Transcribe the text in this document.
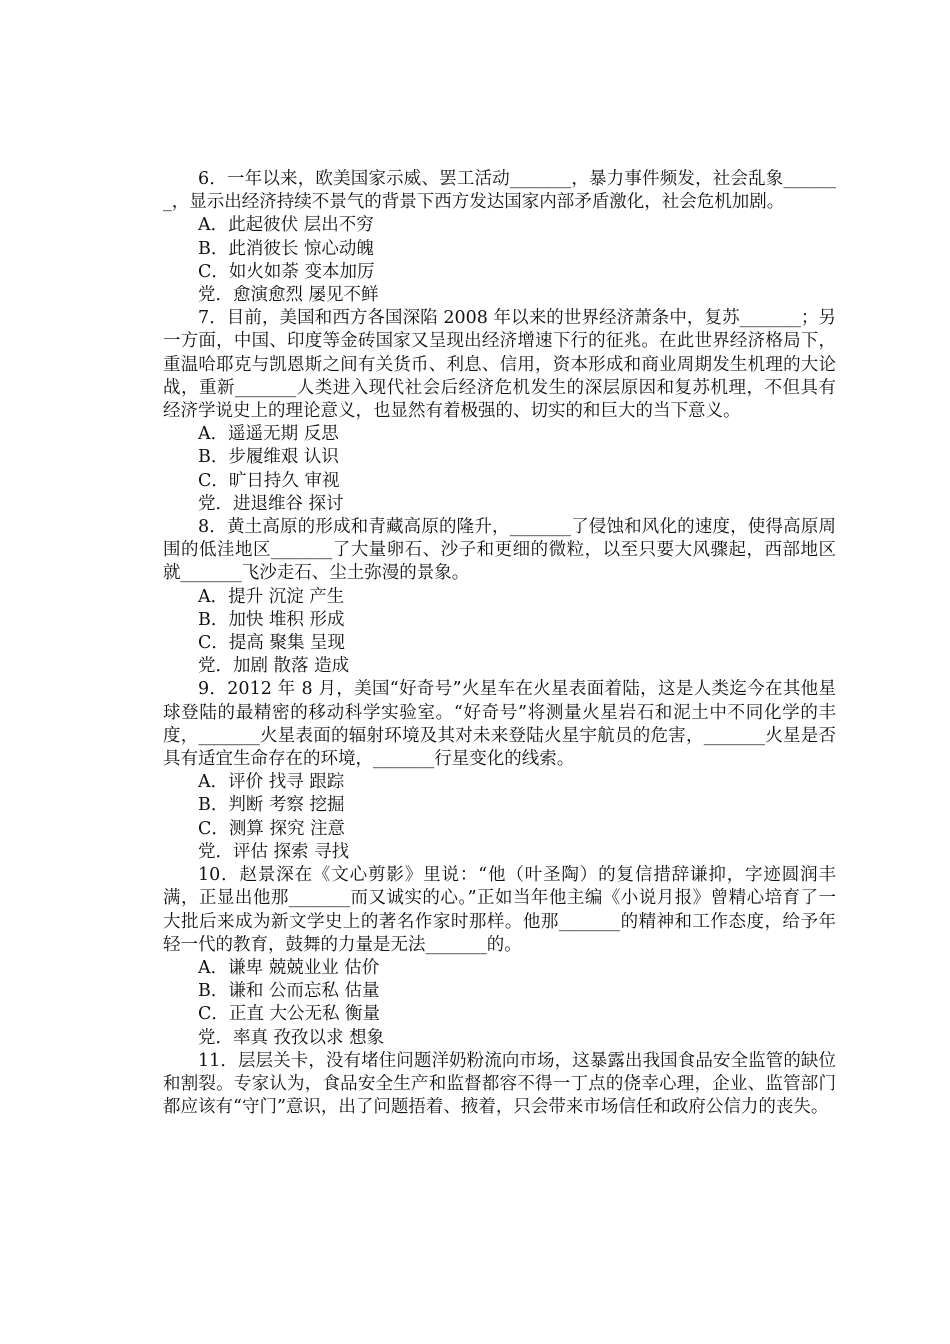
6．一年以来，欧美国家示威、罢工活动_______，暴力事件频发，社会乱象_______，显示出经济持续不景气的背景下西方发达国家内部矛盾激化，社会危机加剧。

A．此起彼伏 层出不穷

B．此消彼长 惊心动魄

C．如火如荼 变本加厉

党．愈演愈烈 屡见不鲜

7．目前，美国和西方各国深陷 2008 年以来的世界经济萧条中，复苏_______；另一方面，中国、印度等金砖国家又呈现出经济增速下行的征兆。在此世界经济格局下，重温哈耶克与凯恩斯之间有关货币、利息、信用，资本形成和商业周期发生机理的大论战，重新_______人类进入现代社会后经济危机发生的深层原因和复苏机理，不但具有经济学说史上的理论意义，也显然有着极强的、切实的和巨大的当下意义。

A．遥遥无期 反思

B．步履维艰 认识

C．旷日持久 审视

党．进退维谷 探讨

8．黄土高原的形成和青藏高原的隆升，_______了侵蚀和风化的速度，使得高原周围的低洼地区_______了大量卵石、沙子和更细的微粒，以至只要大风骤起，西部地区就_______飞沙走石、尘土弥漫的景象。

A．提升 沉淀 产生

B．加快 堆积 形成

C．提高 聚集 呈现

党．加剧 散落 造成

9．2012 年 8 月，美国“好奇号”火星车在火星表面着陆，这是人类迄今在其他星球登陆的最精密的移动科学实验室。“好奇号”将测量火星岩石和泥土中不同化学的丰度，_______火星表面的辐射环境及其对未来登陆火星宇航员的危害，_______火星是否具有适宜生命存在的环境，_______行星变化的线索。

A．评价 找寻 跟踪

B．判断 考察 挖掘

C．测算 探究 注意

党．评估 探索 寻找

10．赵景深在《文心剪影》里说：“他（叶圣陶）的复信措辞谦抑，字迹圆润丰满，正显出他那_______而又诚实的心。”正如当年他主编《小说月报》曾精心培育了一大批后来成为新文学史上的著名作家时那样。他那_______的精神和工作态度，给予年轻一代的教育，鼓舞的力量是无法_______的。

A．谦卑 兢兢业业 估价

B．谦和 公而忘私 估量

C．正直 大公无私 衡量

党．率真 孜孜以求 想象

11．层层关卡，没有堵住问题洋奶粉流向市场，这暴露出我国食品安全监管的缺位和割裂。专家认为，食品安全生产和监督都容不得一丁点的侥幸心理，企业、监管部门都应该有“守门”意识，出了问题捂着、掖着，只会带来市场信任和政府公信力的丧失。
